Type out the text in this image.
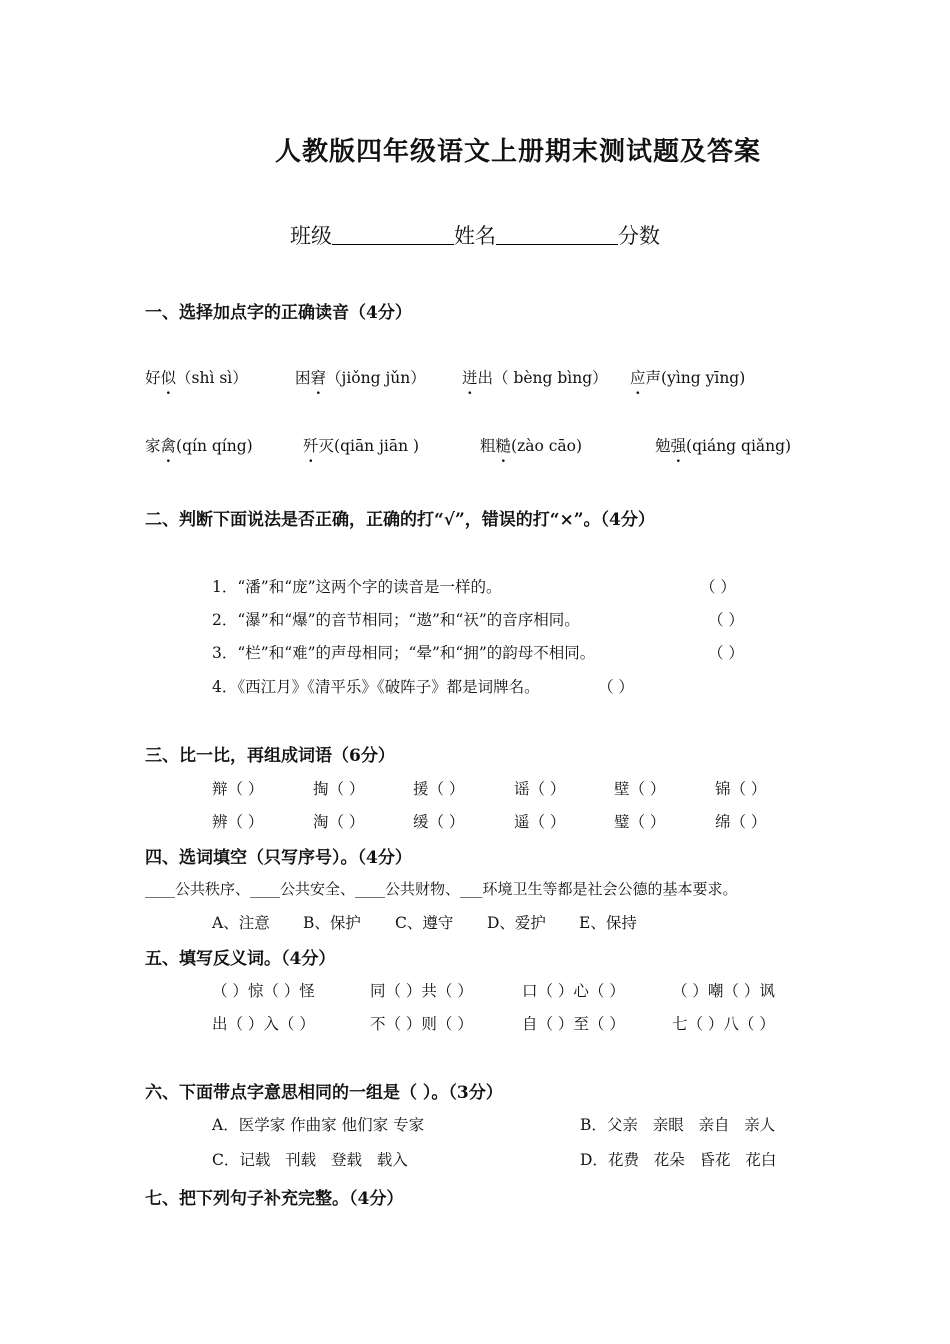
人教版四年级语文上册期末测试题及答案
班级	姓名	分数
一、选择加点字的正确读音（4分）
好似（shì sì）	困窘（jiǒng jǔn） 迸出（ bèng bìng） 应声(yìng yīng)
家禽(qín qíng)	歼灭(qiān jiān )	粗糙(zào cāo)	勉强(qiáng qiǎng)
二、判断下面说法是否正确，正确的打“√”，错误的打“×”。（4分）
1．“潘”和“庞”这两个字的读音是一样的。	（ ）
2．“瀑”和“爆”的音节相同；“遨”和“祆”的音序相同。	（ ）
3．“栏”和“难”的声母相同；“晕”和“拥”的韵母不相同。	（ ）
4．《西江月》《清平乐》《破阵子》都是词牌名。	（ ）
三、比一比，再组成词语（6分）
辩（ ）	掏（ ）	援（ ）	谣（ ）	壁（ ）	锦（ ）
辨（ ）	淘（ ）	缓（ ）	遥（ ）	璧（ ）	绵（ ）
四、选词填空（只写序号）。（4分）
____公共秩序、____公共安全、____公共财物、___环境卫生等都是社会公德的基本要求。
A、注意 B、保护 C、遵守 D、爱护 E、保持
五、填写反义词。（4分）
（ ）惊（ ）怪	同（ ）共（ ）	口（ ）心（ ）	（ ）嘲（ ）讽
出（ ）入（ ）	不（ ）则（ ）	自（ ）至（ ）	七（ ）八（ ）
六、下面带点字意思相同的一组是（ ）。（3分）
A．医学家 作曲家 他们家 专家	B．父亲 亲眼 亲自 亲人
C．记载 刊载 登载 载入	D．花费 花朵 昏花 花白
七、把下列句子补充完整。（4分）
